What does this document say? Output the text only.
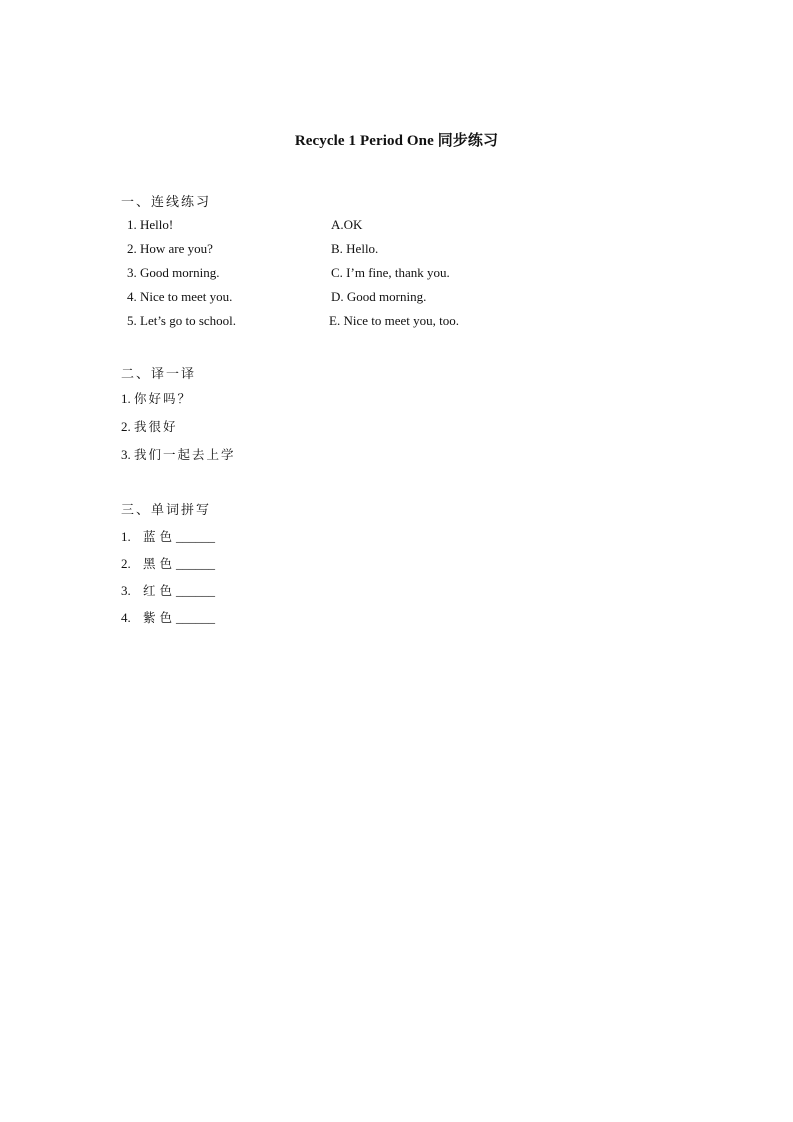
Recycle 1 Period One 同步练习
一、连线练习
1. Hello!	A.OK
2. How are you?	B. Hello.
3. Good morning.	C. I’m fine, thank you.
4. Nice to meet you.	D. Good morning.
5. Let’s go to school.	E. Nice to meet you, too.
二、译一译
1. 你好吗？
2. 我很好
3. 我们一起去上学
三、单词拼写
1. 蓝色______
2. 黑色______
3. 红色______
4. 紫色______
